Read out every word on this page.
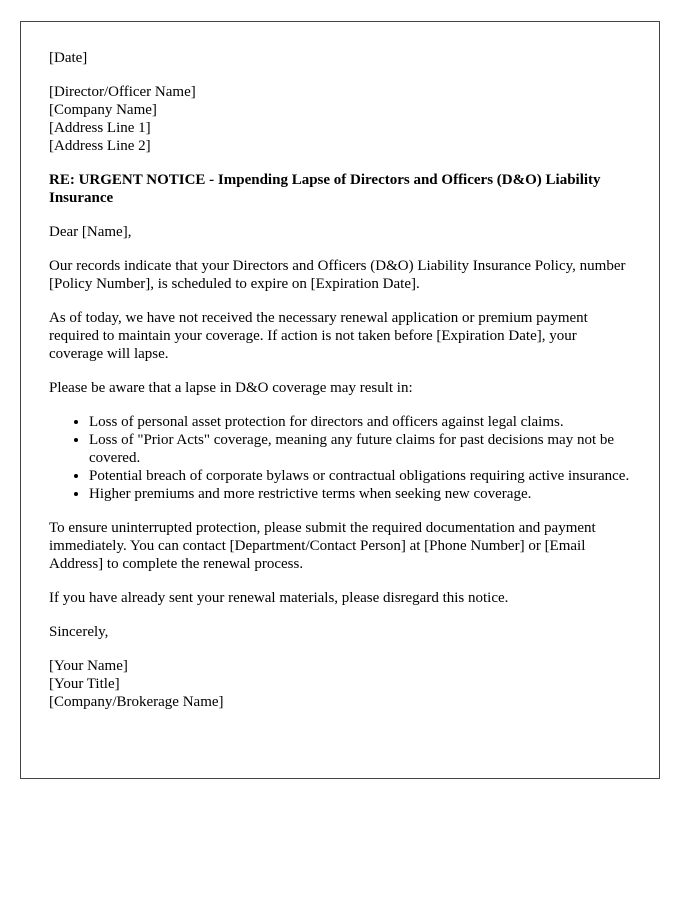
[Date]

[Director/Officer Name]
[Company Name]
[Address Line 1]
[Address Line 2]

RE: URGENT NOTICE - Impending Lapse of Directors and Officers (D&O) Liability Insurance

Dear [Name],

Our records indicate that your Directors and Officers (D&O) Liability Insurance Policy, number [Policy Number], is scheduled to expire on [Expiration Date].

As of today, we have not received the necessary renewal application or premium payment required to maintain your coverage. If action is not taken before [Expiration Date], your coverage will lapse.

Please be aware that a lapse in D&O coverage may result in:

• Loss of personal asset protection for directors and officers against legal claims.
• Loss of "Prior Acts" coverage, meaning any future claims for past decisions may not be covered.
• Potential breach of corporate bylaws or contractual obligations requiring active insurance.
• Higher premiums and more restrictive terms when seeking new coverage.

To ensure uninterrupted protection, please submit the required documentation and payment immediately. You can contact [Department/Contact Person] at [Phone Number] or [Email Address] to complete the renewal process.

If you have already sent your renewal materials, please disregard this notice.

Sincerely,

[Your Name]
[Your Title]
[Company/Brokerage Name]
